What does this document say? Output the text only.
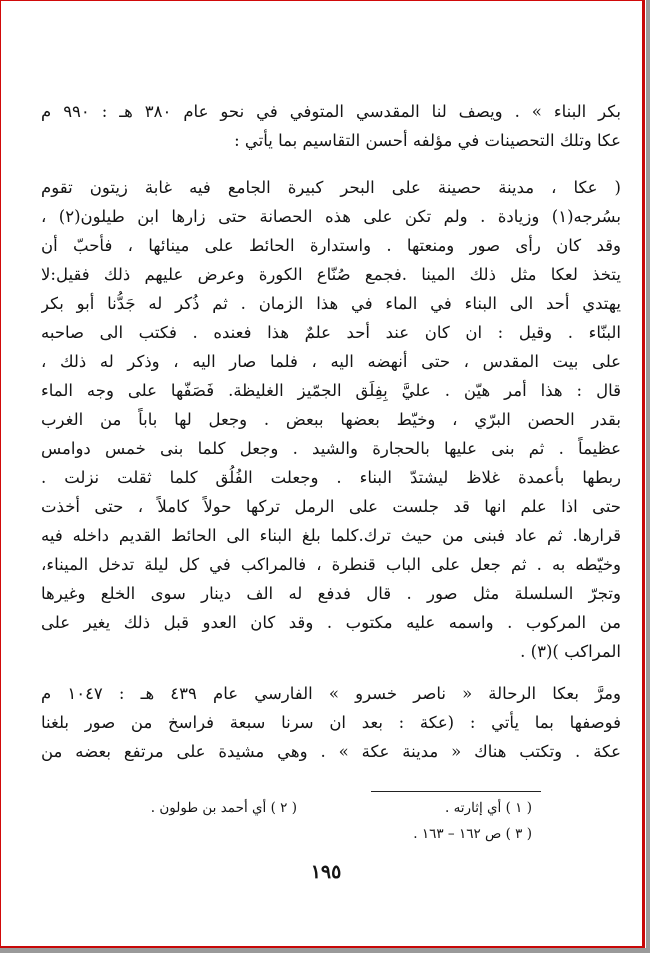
بكر البناء » . ويصف لنا المقدسي المتوفي في نحو عام ٣٨٠ هـ : ٩٩٠ م
عكا وتلك التحصينات في مؤلفه أحسن التقاسيم بما يأتي :
( عكا ، مدينة حصينة على البحر كبيرة الجامع فيه غابة زيتون تقوم
بسُرجه(١) وزيادة . ولم تكن على هذه الحصانة حتى زارها ابن طيلون(٢) ،
وقد كان رأى صور ومنعتها . واستدارة الحائط على مينائها ، فأحبّ أن
يتخذ لعكا مثل ذلك المينا .فجمع صُنّاع الكورة وعرض عليهم ذلك فقيل:لا
يهتدي أحد الى البناء في الماء في هذا الزمان . ثم ذُكر له جَدُّنا أبو بكر
البنّاء . وقيل : ان كان عند أحد علمٌ هذا فعنده . فكتب الى صاحبه
على بيت المقدس ، حتى أنهضه اليه ، فلما صار اليه ، وذكر له ذلك ،
قال : هذا أمر هيّن . عليَّ بِفِلَق الجمّيز الغليظة. فَصَفّها على وجه الماء
بقدر الحصن البرّي ، وخيّط بعضها ببعض . وجعل لها باباً من الغرب
عظيماً . ثم بنى عليها بالحجارة والشيد . وجعل كلما بنى خمس دوامس
ربطها بأعمدة غلاظ ليشتدّ البناء . وجعلت الفُلُق كلما ثقلت نزلت .
حتى اذا علم انها قد جلست على الرمل تركها حولاً كاملاً ، حتى أخذت
قرارها. ثم عاد فبنى من حيث ترك.كلما بلغ البناء الى الحائط القديم داخله فيه
وخيّطه به . ثم جعل على الباب قنطرة ، فالمراكب في كل ليلة تدخل الميناء،
وتجرّ السلسلة مثل صور . قال فدفع له الف دينار سوى الخلع وغيرها
من المركوب . واسمه عليه مكتوب . وقد كان العدو قبل ذلك يغير على
المراكب )(٣) .
ومرَّ بعكا الرحالة « ناصر خسرو » الفارسي عام ٤٣٩ هـ : ١٠٤٧ م
فوصفها بما يأتي : (عكة : بعد ان سرنا سبعة فراسخ من صور بلغنا
عكة . وتكتب هناك « مدينة عكة » . وهي مشيدة على مرتفع بعضه من
( ١ ) أي إثارته .
( ٢ ) أي أحمد بن طولون .
( ٣ ) ص ١٦٢ – ١٦٣ .
١٩٥
